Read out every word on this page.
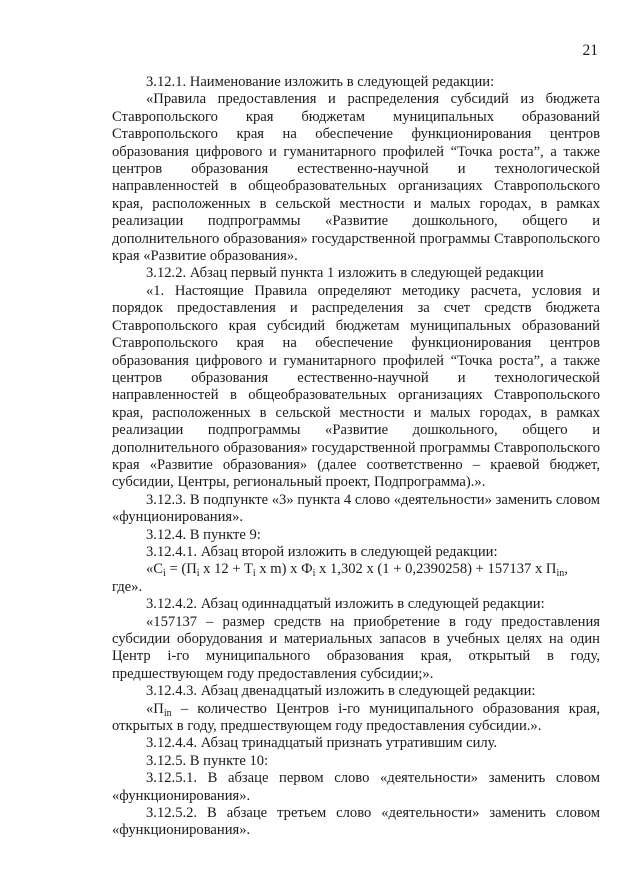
21

3.12.1. Наименование изложить в следующей редакции:

«Правила предоставления и распределения субсидий из бюджета Ставропольского края бюджетам муниципальных образований Ставропольского края на обеспечение функционирования центров образования цифрового и гуманитарного профилей “Точка роста”, а также центров образования естественно-научной и технологической направленностей в общеобразовательных организациях Ставропольского края, расположенных в сельской местности и малых городах, в рамках реализации подпрограммы «Развитие дошкольного, общего и дополнительного образования» государственной программы Ставропольского края «Развитие образования».

3.12.2. Абзац первый пункта 1 изложить в следующей редакции

«1. Настоящие Правила определяют методику расчета, условия и порядок предоставления и распределения за счет средств бюджета Ставропольского края субсидий бюджетам муниципальных образований Ставропольского края на обеспечение функционирования центров образования цифрового и гуманитарного профилей “Точка роста”, а также центров образования естественно-научной и технологической направленностей в общеобразовательных организациях Ставропольского края, расположенных в сельской местности и малых городах, в рамках реализации подпрограммы «Развитие дошкольного, общего и дополнительного образования» государственной программы Ставропольского края «Развитие образования» (далее соответственно – краевой бюджет, субсидии, Центры, региональный проект, Подпрограмма).».

3.12.3. В подпункте «3» пункта 4 слово «деятельности» заменить словом «фунционирования».

3.12.4. В пункте 9:

3.12.4.1. Абзац второй изложить в следующей редакции:

«$С_i = (П_i$ x $12 + T_i$ x m) x $Ф_i$ x 1,302 x (1 + 0,2390258) + 157137 x $П_{in}$,

где».

3.12.4.2. Абзац одиннадцатый изложить в следующей редакции:

«157137 – размер средств на приобретение в году предоставления субсидии оборудования и материальных запасов в учебных целях на один Центр i-го муниципального образования края, открытый в году, предшествующем году предоставления субсидии;».

3.12.4.3. Абзац двенадцатый изложить в следующей редакции:

«$П_{in}$ – количество Центров i-го муниципального образования края, открытых в году, предшествующем году предоставления субсидии.».

3.12.4.4. Абзац тринадцатый признать утратившим силу.

3.12.5. В пункте 10:

3.12.5.1. В абзаце первом слово «деятельности» заменить словом «функционирования».

3.12.5.2. В абзаце третьем слово «деятельности» заменить словом «функционирования».
